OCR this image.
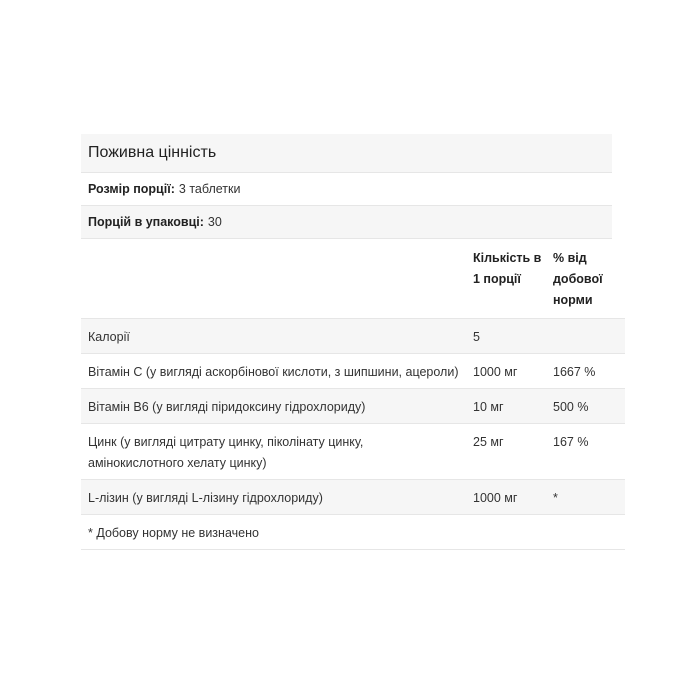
Поживна цінність
Розмір порції: 3 таблетки
Порцій в упаковці: 30
	Кількість в 1 порції	% від добової норми
Калорії	5	
Вітамін С (у вигляді аскорбінової кислоти, з шипшини, ацероли)	1000 мг	1667 %
Вітамін В6 (у вигляді піридоксину гідрохлориду)	10 мг	500 %
Цинк (у вигляді цитрату цинку, піколінату цинку, амінокислотного хелату цинку)	25 мг	167 %
L-лізин (у вигляді L-лізину гідрохлориду)	1000 мг	*
* Добову норму не визначено		
